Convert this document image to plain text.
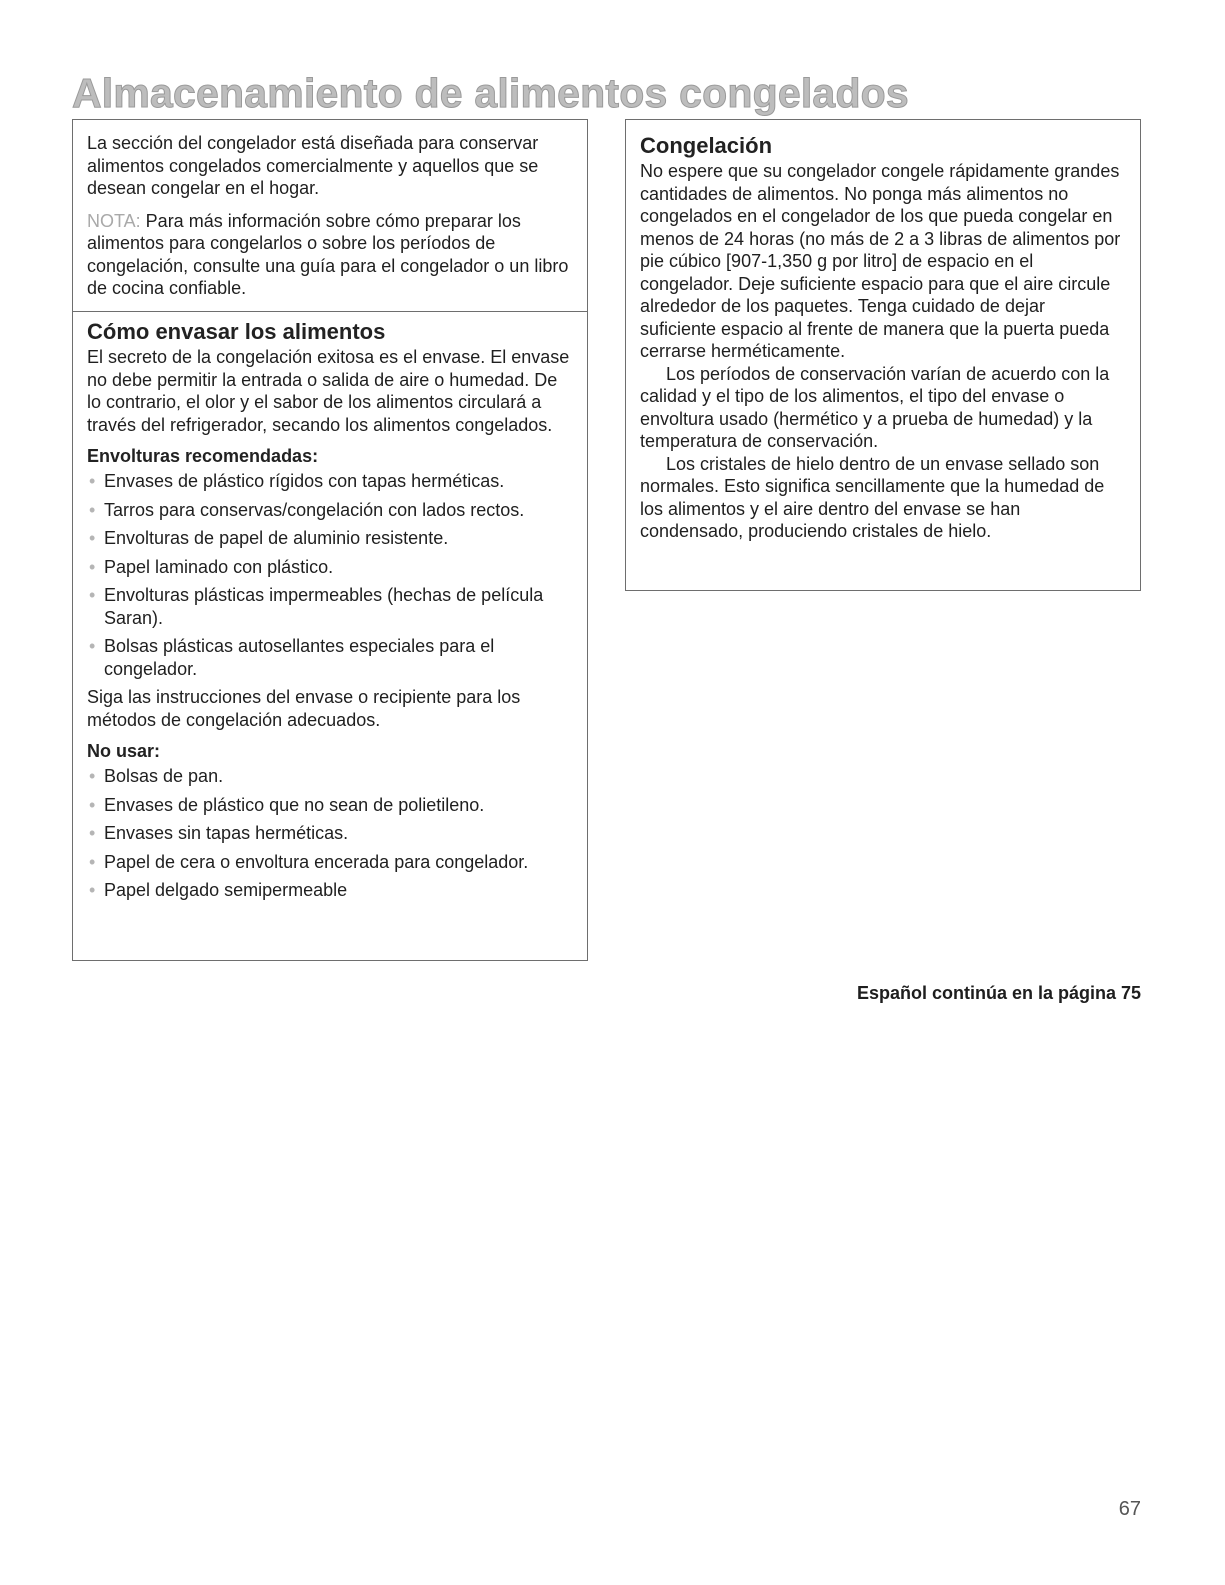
Almacenamiento de alimentos congelados

La sección del congelador está diseñada para conservar alimentos congelados comercialmente y aquellos que se desean congelar en el hogar.

NOTA: Para más información sobre cómo preparar los alimentos para congelarlos o sobre los períodos de congelación, consulte una guía para el congelador o un libro de cocina confiable.

Cómo envasar los alimentos

El secreto de la congelación exitosa es el envase. El envase no debe permitir la entrada o salida de aire o humedad. De lo contrario, el olor y el sabor de los alimentos circulará a través del refrigerador, secando los alimentos congelados.

Envolturas recomendadas:
• Envases de plástico rígidos con tapas herméticas.
• Tarros para conservas/congelación con lados rectos.
• Envolturas de papel de aluminio resistente.
• Papel laminado con plástico.
• Envolturas plásticas impermeables (hechas de película Saran).
• Bolsas plásticas autosellantes especiales para el congelador.

Siga las instrucciones del envase o recipiente para los métodos de congelación adecuados.

No usar:
• Bolsas de pan.
• Envases de plástico que no sean de polietileno.
• Envases sin tapas herméticas.
• Papel de cera o envoltura encerada para congelador.
• Papel delgado semipermeable
Congelación

No espere que su congelador congele rápidamente grandes cantidades de alimentos. No ponga más alimentos no congelados en el congelador de los que pueda congelar en menos de 24 horas (no más de 2 a 3 libras de alimentos por pie cúbico [907-1,350 g por litro] de espacio en el congelador. Deje suficiente espacio para que el aire circule alrededor de los paquetes. Tenga cuidado de dejar suficiente espacio al frente de manera que la puerta pueda cerrarse herméticamente.

Los períodos de conservación varían de acuerdo con la calidad y el tipo de los alimentos, el tipo del envase o envoltura usado (hermético y a prueba de humedad) y la temperatura de conservación.

Los cristales de hielo dentro de un envase sellado son normales. Esto significa sencillamente que la humedad de los alimentos y el aire dentro del envase se han condensado, produciendo cristales de hielo.

Español continúa en la página 75

67
